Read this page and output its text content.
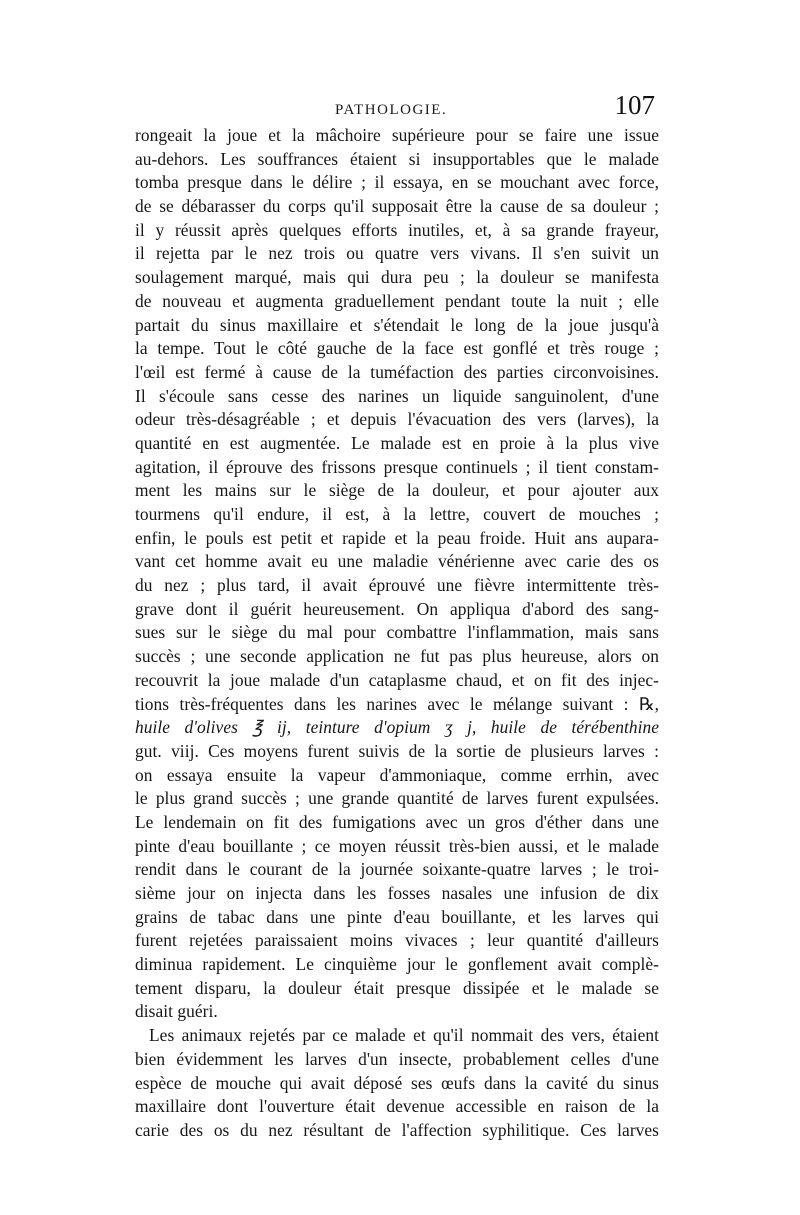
PATHOLOGIE.	107
rongeait la joue et la mâchoire supérieure pour se faire une issue
au-dehors. Les souffrances étaient si insupportables que le malade
tomba presque dans le délire ; il essaya, en se mouchant avec force,
de se débarasser du corps qu'il supposait être la cause de sa douleur ;
il y réussit après quelques efforts inutiles, et, à sa grande frayeur,
il rejetta par le nez trois ou quatre vers vivans. Il s'en suivit un
soulagement marqué, mais qui dura peu ; la douleur se manifesta
de nouveau et augmenta graduellement pendant toute la nuit ; elle
partait du sinus maxillaire et s'étendait le long de la joue jusqu'à
la tempe. Tout le côté gauche de la face est gonflé et très rouge ;
l'œil est fermé à cause de la tuméfaction des parties circonvoisines.
Il s'écoule sans cesse des narines un liquide sanguinolent, d'une
odeur très-désagréable ; et depuis l'évacuation des vers (larves), la
quantité en est augmentée. Le malade est en proie à la plus vive
agitation, il éprouve des frissons presque continuels ; il tient constam-
ment les mains sur le siège de la douleur, et pour ajouter aux
tourmens qu'il endure, il est, à la lettre, couvert de mouches ;
enfin, le pouls est petit et rapide et la peau froide. Huit ans aupara-
vant cet homme avait eu une maladie vénérienne avec carie des os
du nez ; plus tard, il avait éprouvé une fièvre intermittente très-
grave dont il guérit heureusement. On appliqua d'abord des sang-
sues sur le siège du mal pour combattre l'inflammation, mais sans
succès ; une seconde application ne fut pas plus heureuse, alors on
recouvrit la joue malade d'un cataplasme chaud, et on fit des injec-
tions très-fréquentes dans les narines avec le mélange suivant : ℞,
huile d'olives ℥ ij, teinture d'opium ʒ j, huile de térébenthine
gut. viij. Ces moyens furent suivis de la sortie de plusieurs larves :
on essaya ensuite la vapeur d'ammoniaque, comme errhin, avec
le plus grand succès ; une grande quantité de larves furent expulsées.
Le lendemain on fit des fumigations avec un gros d'éther dans une
pinte d'eau bouillante ; ce moyen réussit très-bien aussi, et le malade
rendit dans le courant de la journée soixante-quatre larves ; le troi-
sième jour on injecta dans les fosses nasales une infusion de dix
grains de tabac dans une pinte d'eau bouillante, et les larves qui
furent rejetées paraissaient moins vivaces ; leur quantité d'ailleurs
diminua rapidement. Le cinquième jour le gonflement avait complè-
tement disparu, la douleur était presque dissipée et le malade se
disait guéri.
Les animaux rejetés par ce malade et qu'il nommait des vers, étaient
bien évidemment les larves d'un insecte, probablement celles d'une
espèce de mouche qui avait déposé ses œufs dans la cavité du sinus
maxillaire dont l'ouverture était devenue accessible en raison de la
carie des os du nez résultant de l'affection syphilitique. Ces larves
